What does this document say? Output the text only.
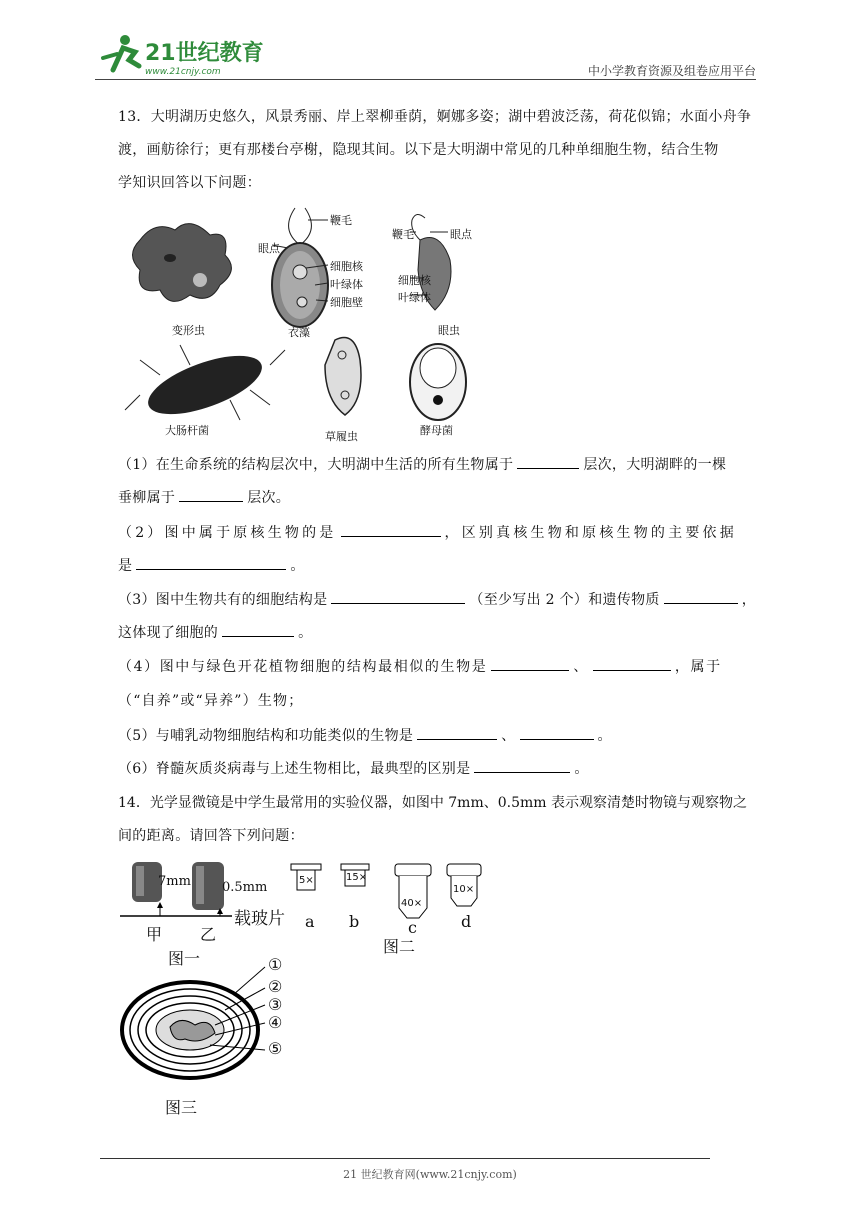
21世纪教育
www.21cnjy.com	中小学教育资源及组卷应用平台
13．大明湖历史悠久，风景秀丽、岸上翠柳垂荫，婀娜多姿；湖中碧波泛荡，荷花似锦；水面小舟争
渡，画舫徐行；更有那楼台亭榭，隐现其间。以下是大明湖中常见的几种单细胞生物，结合生物
学知识回答以下问题：
变形虫	衣藻	眼虫
大肠杆菌	草履虫	酵母菌
鞭毛
眼点
细胞核
叶绿体
细胞壁
鞭毛	眼点
细胞核
叶绿体
（1）在生命系统的结构层次中，大明湖中生活的所有生物属于	层次，大明湖畔的一棵
垂柳属于	层次。
（2）图中属于原核生物的是	，区别真核生物和原核生物的主要依据
是	。
（3）图中生物共有的细胞结构是	（至少写出 2 个）和遗传物质	，
这体现了细胞的	。
（4）图中与绿色开花植物细胞的结构最相似的生物是	、	，属于
（“自养”或“异养”）生物；
（5）与哺乳动物细胞结构和功能类似的生物是	、	。
（6）脊髓灰质炎病毒与上述生物相比，最典型的区别是	。
14．光学显微镜是中学生最常用的实验仪器，如图中 7mm、0.5mm 表示观察清楚时物镜与观察物之
间的距离。请回答下列问题：
7mm 0.5mm
载玻片
甲 乙
图一
5×	15×
40×
10×
a b	c	d
图二
①
②
③
④
⑤
图三
21 世纪教育网(www.21cnjy.com)
